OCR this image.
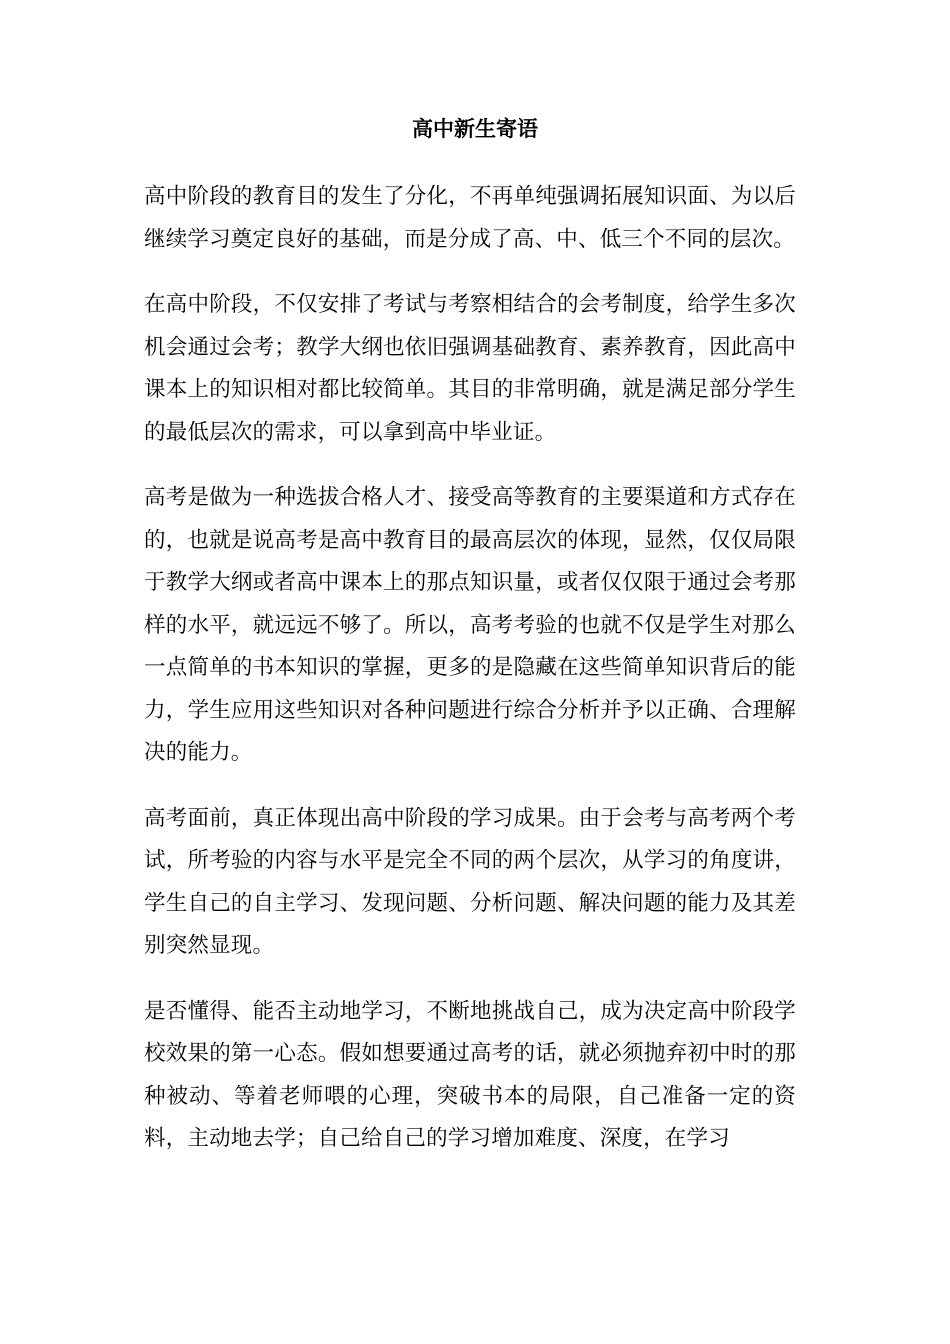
高中新生寄语

高中阶段的教育目的发生了分化，不再单纯强调拓展知识面、为以后继续学习奠定良好的基础，而是分成了高、中、低三个不同的层次。

在高中阶段，不仅安排了考试与考察相结合的会考制度，给学生多次机会通过会考；教学大纲也依旧强调基础教育、素养教育，因此高中课本上的知识相对都比较简单。其目的非常明确，就是满足部分学生的最低层次的需求，可以拿到高中毕业证。

高考是做为一种选拔合格人才、接受高等教育的主要渠道和方式存在的，也就是说高考是高中教育目的最高层次的体现，显然，仅仅局限于教学大纲或者高中课本上的那点知识量，或者仅仅限于通过会考那样的水平，就远远不够了。所以，高考考验的也就不仅是学生对那么一点简单的书本知识的掌握，更多的是隐藏在这些简单知识背后的能力，学生应用这些知识对各种问题进行综合分析并予以正确、合理解决的能力。

高考面前，真正体现出高中阶段的学习成果。由于会考与高考两个考试，所考验的内容与水平是完全不同的两个层次，从学习的角度讲，学生自己的自主学习、发现问题、分析问题、解决问题的能力及其差别突然显现。

是否懂得、能否主动地学习，不断地挑战自己，成为决定高中阶段学校效果的第一心态。假如想要通过高考的话，就必须抛弃初中时的那种被动、等着老师喂的心理，突破书本的局限，自己准备一定的资料，主动地去学；自己给自己的学习增加难度、深度，在学习
